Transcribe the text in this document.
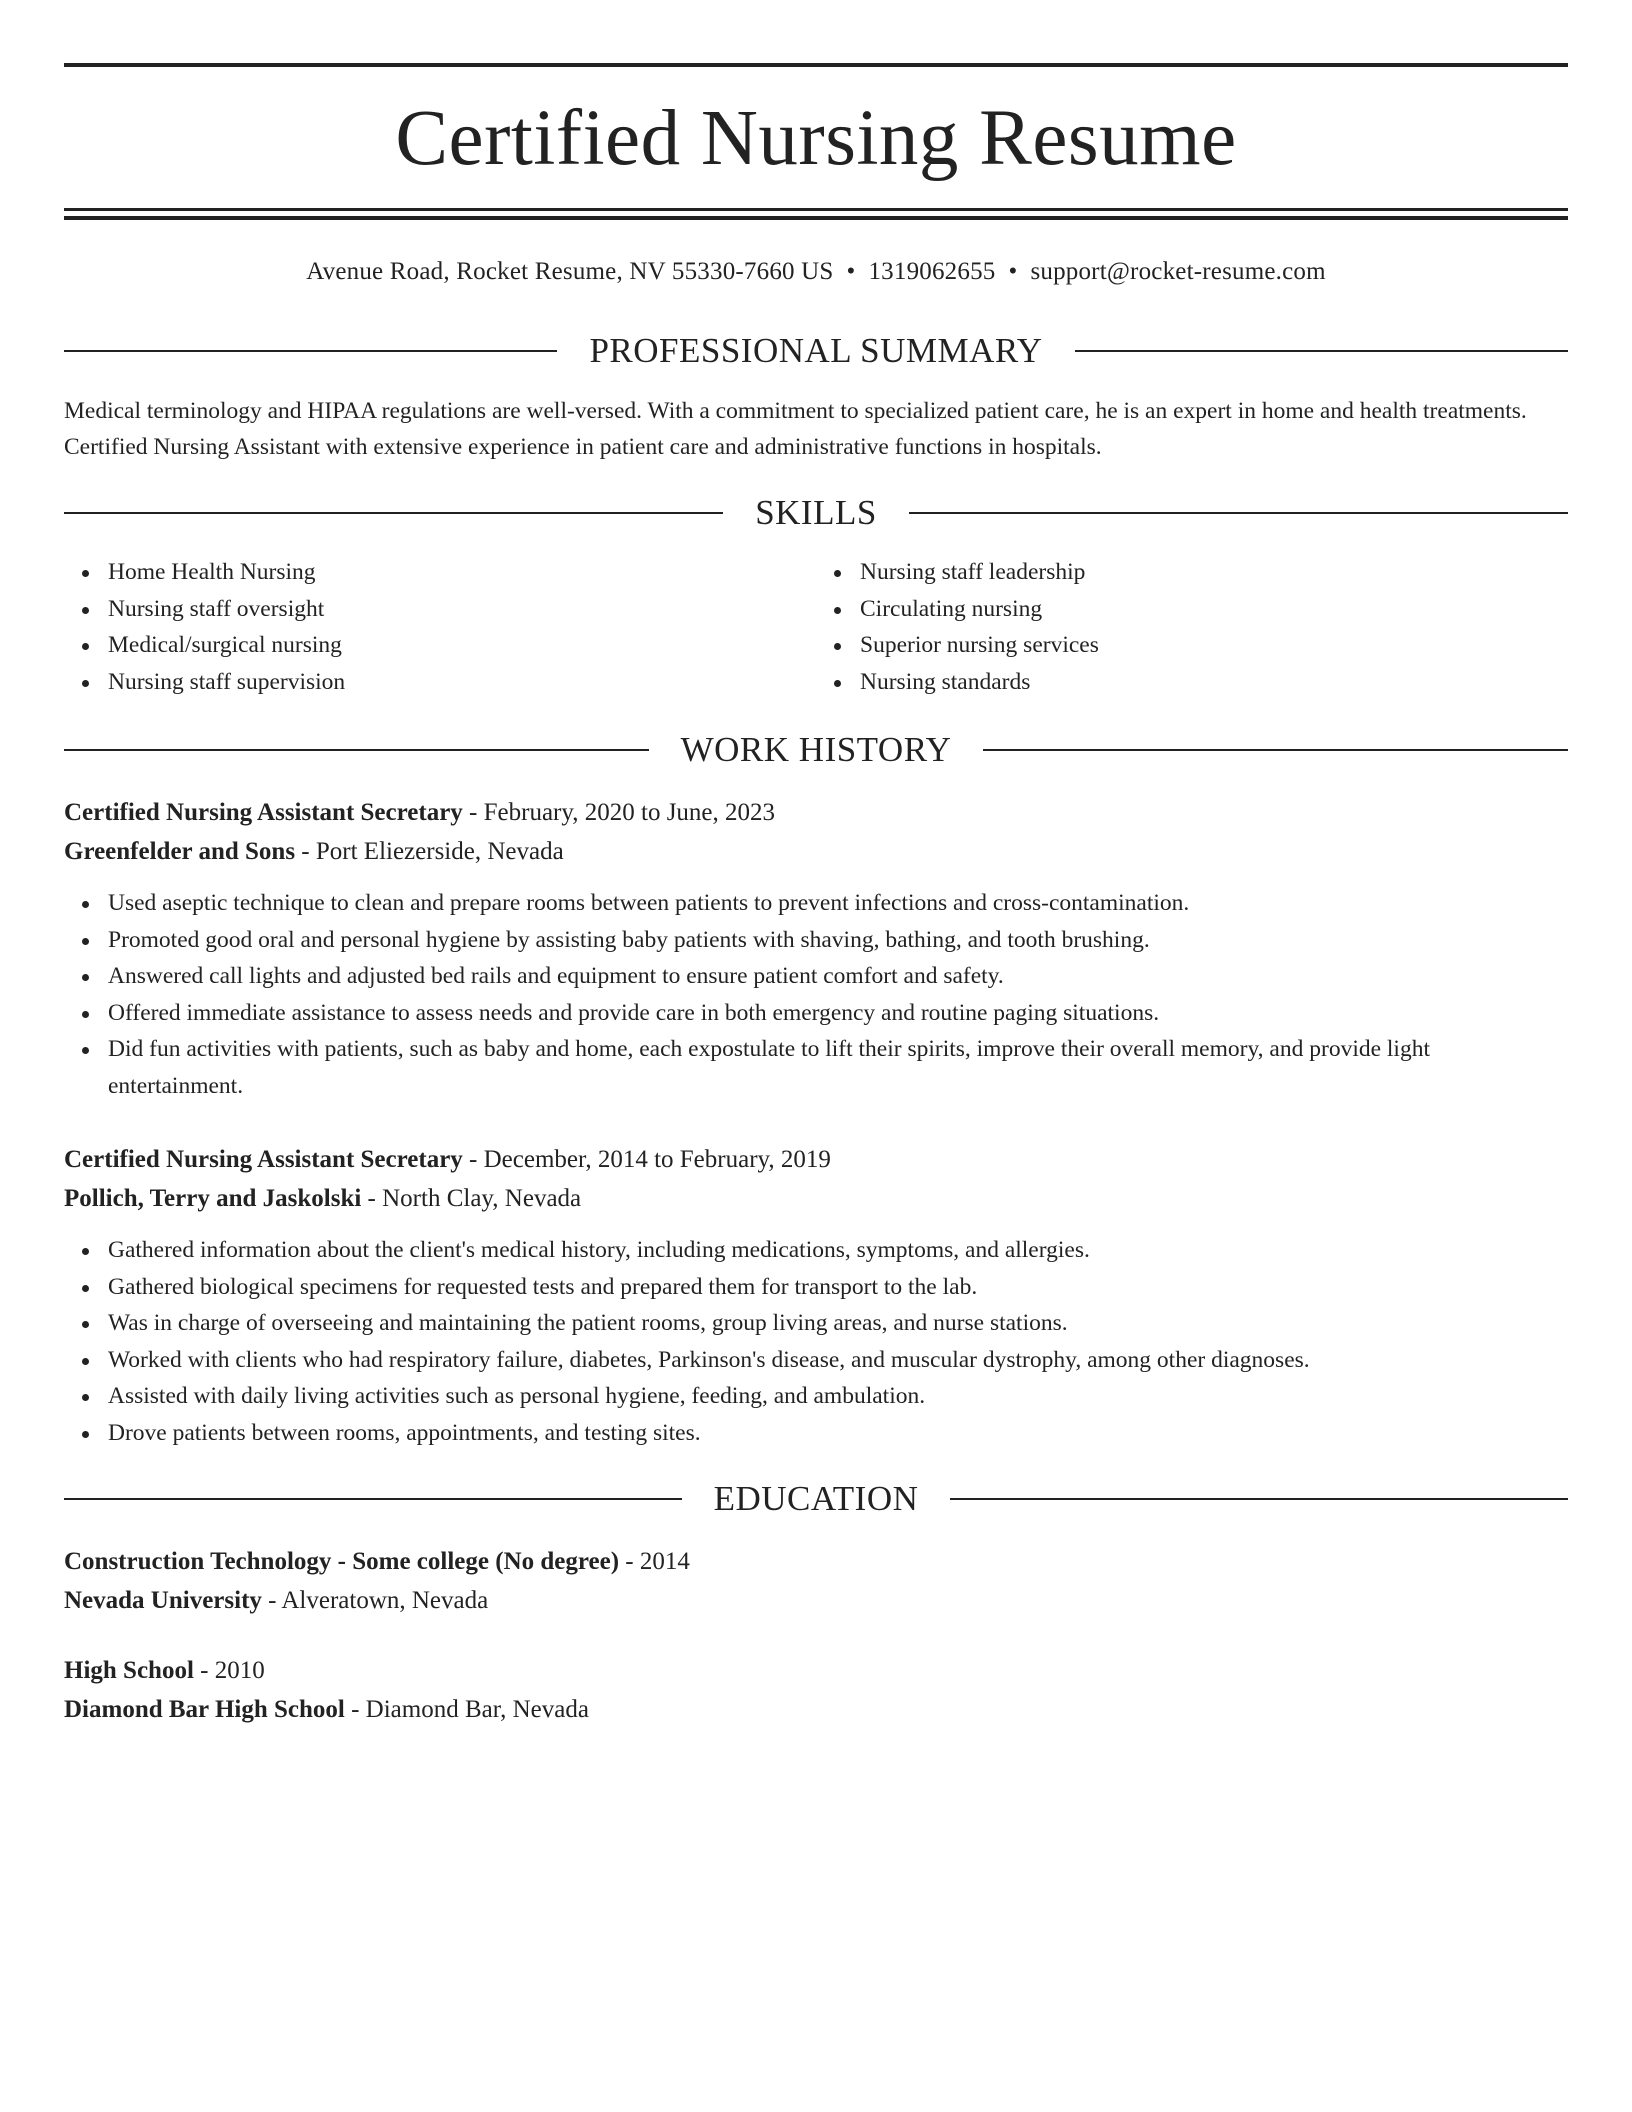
Certified Nursing Resume
Avenue Road, Rocket Resume, NV 55330-7660 US • 1319062655 • support@rocket-resume.com
PROFESSIONAL SUMMARY
Medical terminology and HIPAA regulations are well-versed. With a commitment to specialized patient care, he is an expert in home and health treatments. Certified Nursing Assistant with extensive experience in patient care and administrative functions in hospitals.
SKILLS
Home Health Nursing
Nursing staff oversight
Medical/surgical nursing
Nursing staff supervision
Nursing staff leadership
Circulating nursing
Superior nursing services
Nursing standards
WORK HISTORY
Certified Nursing Assistant Secretary - February, 2020 to June, 2023
Greenfelder and Sons - Port Eliezerside, Nevada
Used aseptic technique to clean and prepare rooms between patients to prevent infections and cross-contamination.
Promoted good oral and personal hygiene by assisting baby patients with shaving, bathing, and tooth brushing.
Answered call lights and adjusted bed rails and equipment to ensure patient comfort and safety.
Offered immediate assistance to assess needs and provide care in both emergency and routine paging situations.
Did fun activities with patients, such as baby and home, each expostulate to lift their spirits, improve their overall memory, and provide light entertainment.
Certified Nursing Assistant Secretary - December, 2014 to February, 2019
Pollich, Terry and Jaskolski - North Clay, Nevada
Gathered information about the client's medical history, including medications, symptoms, and allergies.
Gathered biological specimens for requested tests and prepared them for transport to the lab.
Was in charge of overseeing and maintaining the patient rooms, group living areas, and nurse stations.
Worked with clients who had respiratory failure, diabetes, Parkinson's disease, and muscular dystrophy, among other diagnoses.
Assisted with daily living activities such as personal hygiene, feeding, and ambulation.
Drove patients between rooms, appointments, and testing sites.
EDUCATION
Construction Technology - Some college (No degree) - 2014
Nevada University - Alveratown, Nevada
High School - 2010
Diamond Bar High School - Diamond Bar, Nevada
